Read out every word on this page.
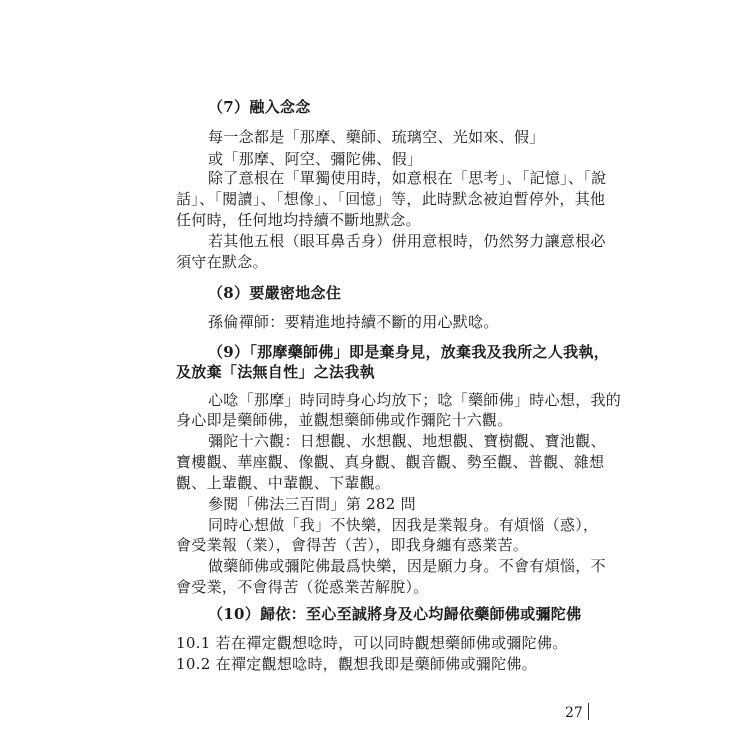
（7）融入念念
每一念都是「那摩、藥師、琉璃空、光如來、假」
或「那摩、阿空、彌陀佛、假」
除了意根在「單獨使用時，如意根在「思考」、「記憶」、「說
話」、「閱讀」、「想像」、「回憶」等，此時默念被迫暫停外，其他
任何時，任何地均持續不斷地默念。
若其他五根（眼耳鼻舌身）併用意根時，仍然努力讓意根必
須守在默念。
（8）要嚴密地念住
孫倫禪師：要精進地持續不斷的用心默唸。
（9）「那摩藥師佛」即是棄身見，放棄我及我所之人我執，
及放棄「法無自性」之法我執
心唸「那摩」時同時身心均放下；唸「藥師佛」時心想，我的
身心即是藥師佛，並觀想藥師佛或作彌陀十六觀。
彌陀十六觀：日想觀、水想觀、地想觀、寶樹觀、寶池觀、
寶樓觀、華座觀、像觀、真身觀、觀音觀、勢至觀、普觀、雜想
觀、上輩觀、中輩觀、下輩觀。
參閱「佛法三百問」第 282 問
同時心想做「我」不快樂，因我是業報身。有煩惱（惑），
會受業報（業），會得苦（苦），即我身纏有惑業苦。
做藥師佛或彌陀佛最爲快樂，因是願力身。不會有煩惱，不
會受業，不會得苦（從惑業苦解脫）。
（10）歸依：至心至誠將身及心均歸依藥師佛或彌陀佛
10.1 若在禪定觀想唸時，可以同時觀想藥師佛或彌陀佛。
10.2 在禪定觀想唸時，觀想我即是藥師佛或彌陀佛。
27
